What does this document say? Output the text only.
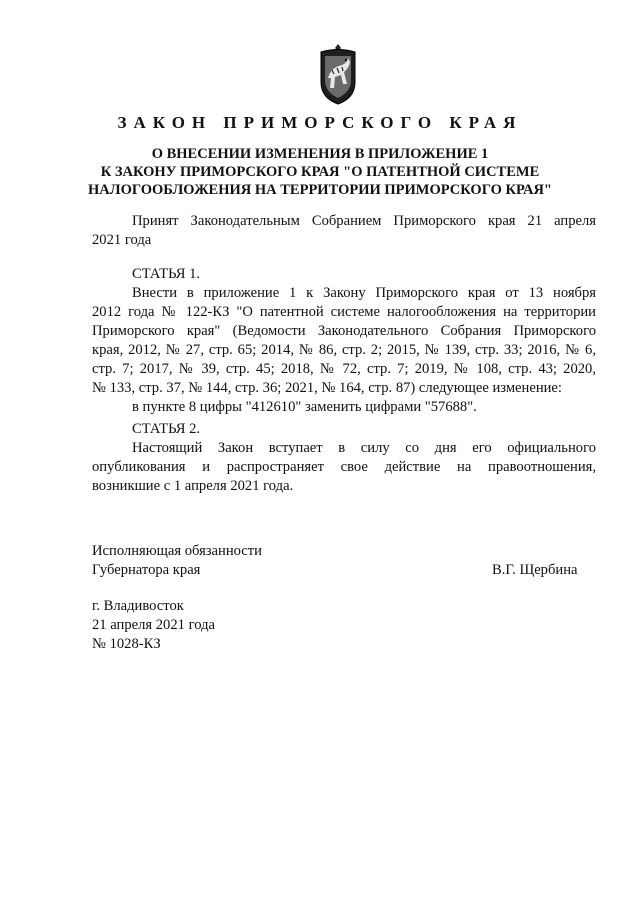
ЗАКОН ПРИМОРСКОГО КРАЯ
О ВНЕСЕНИИ ИЗМЕНЕНИЯ В ПРИЛОЖЕНИЕ 1
К ЗАКОНУ ПРИМОРСКОГО КРАЯ "О ПАТЕНТНОЙ СИСТЕМЕ
НАЛОГООБЛОЖЕНИЯ НА ТЕРРИТОРИИ ПРИМОРСКОГО КРАЯ"
Принят Законодательным Собранием Приморского края 21 апреля
2021 года
СТАТЬЯ 1.
Внести в приложение 1 к Закону Приморского края от 13 ноября
2012 года № 122-КЗ "О патентной системе налогообложения на территории
Приморского края" (Ведомости Законодательного Собрания Приморского
края, 2012, № 27, стр. 65; 2014, № 86, стр. 2; 2015, № 139, стр. 33; 2016, № 6,
стр. 7; 2017, № 39, стр. 45; 2018, № 72, стр. 7; 2019, № 108, стр. 43; 2020,
№ 133, стр. 37, № 144, стр. 36; 2021, № 164, стр. 87) следующее изменение:
в пункте 8 цифры "412610" заменить цифрами "57688".
СТАТЬЯ 2.
Настоящий Закон вступает в силу со дня его официального
опубликования и распространяет свое действие на правоотношения,
возникшие с 1 апреля 2021 года.
Исполняющая обязанности
Губернатора края	В.Г. Щербина
г. Владивосток
21 апреля 2021 года
№ 1028-КЗ
